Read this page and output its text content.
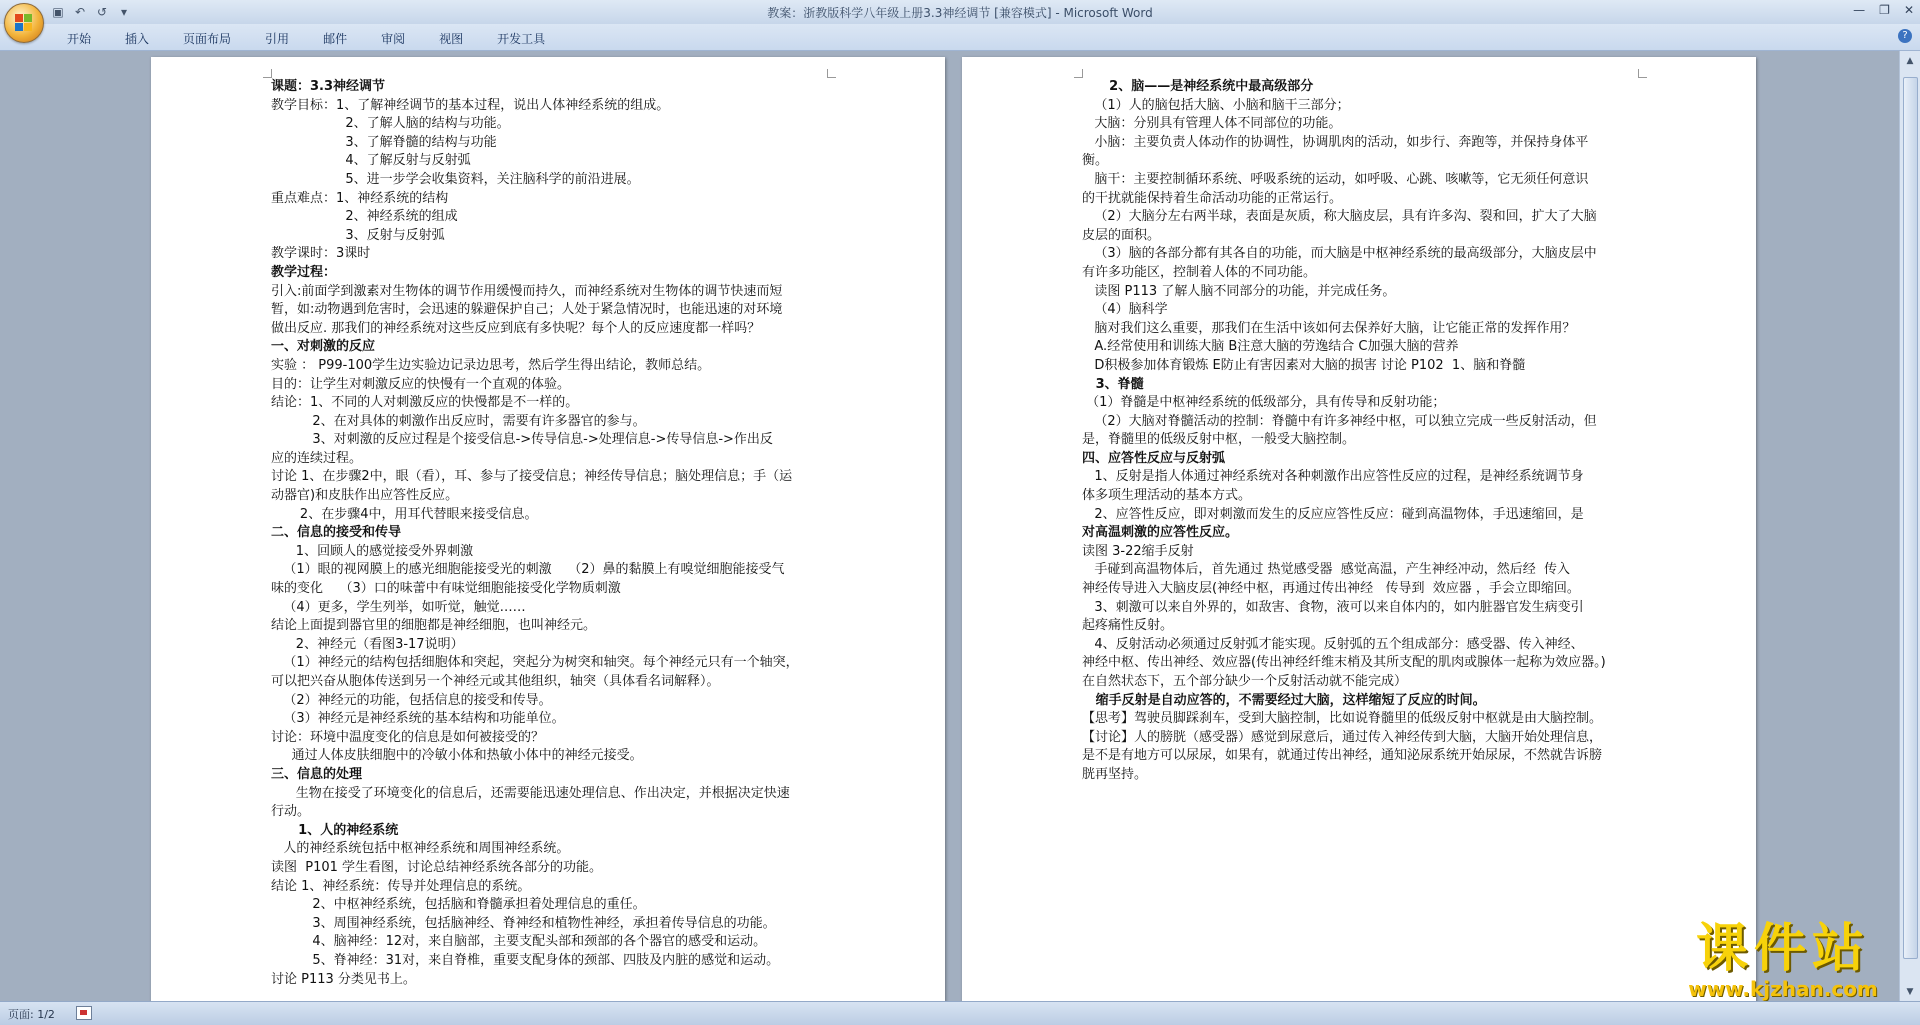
教案：浙教版科学八年级上册3.3神经调节 [兼容模式] - Microsoft Word
▣ ↶ ↺	▾	— ❐ ✕
开始	插入	页面布局	引用	邮件	审阅	视图	开发工具	?
课题：3.3神经调节
教学目标：1、了解神经调节的基本过程，说出人体神经系统的组成。
2、了解人脑的结构与功能。
3、了解脊髓的结构与功能
4、了解反射与反射弧
5、进一步学会收集资料，关注脑科学的前沿进展。
重点难点：1、神经系统的结构
2、神经系统的组成
3、反射与反射弧
教学课时：3课时
教学过程：
引入:前面学到激素对生物体的调节作用缓慢而持久，而神经系统对生物体的调节快速而短
暂，如:动物遇到危害时，会迅速的躲避保护自己；人处于紧急情况时，也能迅速的对环境
做出反应. 那我们的神经系统对这些反应到底有多快呢？每个人的反应速度都一样吗？
一、对刺激的反应
实验 ： P99-100学生边实验边记录边思考，然后学生得出结论，教师总结。
目的：让学生对刺激反应的快慢有一个直观的体验。
结论：1、不同的人对刺激反应的快慢都是不一样的。
2、在对具体的刺激作出反应时，需要有许多器官的参与。
3、对刺激的反应过程是个接受信息->传导信息->处理信息->传导信息->作出反
应的连续过程。
讨论 1、在步骤2中，眼（看），耳、参与了接受信息；神经传导信息；脑处理信息；手（运
动器官)和皮肤作出应答性反应。
2、在步骤4中，用耳代替眼来接受信息。
二、信息的接受和传导
1、回顾人的感觉接受外界刺激
（1）眼的视网膜上的感光细胞能接受光的刺激    （2）鼻的黏膜上有嗅觉细胞能接受气
味的变化    （3）口的味蕾中有味觉细胞能接受化学物质刺激
（4）更多，学生列举，如听觉，触觉……
结论上面提到器官里的细胞都是神经细胞，也叫神经元。
2、神经元（看图3-17说明）
（1）神经元的结构包括细胞体和突起，突起分为树突和轴突。每个神经元只有一个轴突，
可以把兴奋从胞体传送到另一个神经元或其他组织，轴突（具体看名词解释）。
（2）神经元的功能，包括信息的接受和传导。
（3）神经元是神经系统的基本结构和功能单位。
讨论：环境中温度变化的信息是如何被接受的？
通过人体皮肤细胞中的冷敏小体和热敏小体中的神经元接受。
三、信息的处理
生物在接受了环境变化的信息后，还需要能迅速处理信息、作出决定，并根据决定快速
行动。
1、人的神经系统
人的神经系统包括中枢神经系统和周围神经系统。
读图  P101 学生看图，讨论总结神经系统各部分的功能。
结论 1、神经系统：传导并处理信息的系统。
2、中枢神经系统，包括脑和脊髓承担着处理信息的重任。
3、周围神经系统，包括脑神经、脊神经和植物性神经，承担着传导信息的功能。
4、脑神经：12对，来自脑部，主要支配头部和颈部的各个器官的感受和运动。
5、脊神经：31对，来自脊椎，重要支配身体的颈部、四肢及内脏的感觉和运动。
讨论 P113 分类见书上。
2、脑——是神经系统中最高级部分
（1）人的脑包括大脑、小脑和脑干三部分；
大脑：分别具有管理人体不同部位的功能。
小脑：主要负责人体动作的协调性，协调肌肉的活动，如步行、奔跑等，并保持身体平
衡。
脑干：主要控制循环系统、呼吸系统的运动，如呼吸、心跳、咳嗽等，它无须任何意识
的干扰就能保持着生命活动功能的正常运行。
（2）大脑分左右两半球，表面是灰质，称大脑皮层，具有许多沟、裂和回，扩大了大脑
皮层的面积。
（3）脑的各部分都有其各自的功能，而大脑是中枢神经系统的最高级部分，大脑皮层中
有许多功能区，控制着人体的不同功能。
读图 P113 了解人脑不同部分的功能，并完成任务。
（4）脑科学
脑对我们这么重要，那我们在生活中该如何去保养好大脑，让它能正常的发挥作用？
A.经常使用和训练大脑 B注意大脑的劳逸结合 C加强大脑的营养
D积极参加体育锻炼 E防止有害因素对大脑的损害 讨论 P102  1、脑和脊髓
3、脊髓
（1）脊髓是中枢神经系统的低级部分，具有传导和反射功能；
（2）大脑对脊髓活动的控制：脊髓中有许多神经中枢，可以独立完成一些反射活动，但
是，脊髓里的低级反射中枢，一般受大脑控制。
四、应答性反应与反射弧
1、反射是指人体通过神经系统对各种刺激作出应答性反应的过程，是神经系统调节身
体多项生理活动的基本方式。
2、应答性反应，即对刺激而发生的反应应答性反应：碰到高温物体，手迅速缩回，是
对高温刺激的应答性反应。
读图 3-22缩手反射
手碰到高温物体后，首先通过 热觉感受器  感觉高温，产生神经冲动，然后经  传入
神经传导进入大脑皮层(神经中枢，再通过传出神经   传导到  效应器 ，手会立即缩回。
3、刺激可以来自外界的，如敌害、食物，液可以来自体内的，如内脏器官发生病变引
起疼痛性反射。
4、反射活动必须通过反射弧才能实现。反射弧的五个组成部分：感受器、传入神经、
神经中枢、传出神经、效应器(传出神经纤维末梢及其所支配的肌肉或腺体一起称为效应器。)
在自然状态下，五个部分缺少一个反射活动就不能完成）
缩手反射是自动应答的，不需要经过大脑，这样缩短了反应的时间。
【思考】驾驶员脚踩刹车，受到大脑控制，比如说脊髓里的低级反射中枢就是由大脑控制。
【讨论】人的膀胱（感受器）感觉到尿意后，通过传入神经传到大脑，大脑开始处理信息，
是不是有地方可以尿尿，如果有，就通过传出神经，通知泌尿系统开始尿尿，不然就告诉膀
胱再坚持。
▲
▼
课件站
www.kjzhan.com
页面: 1/2
